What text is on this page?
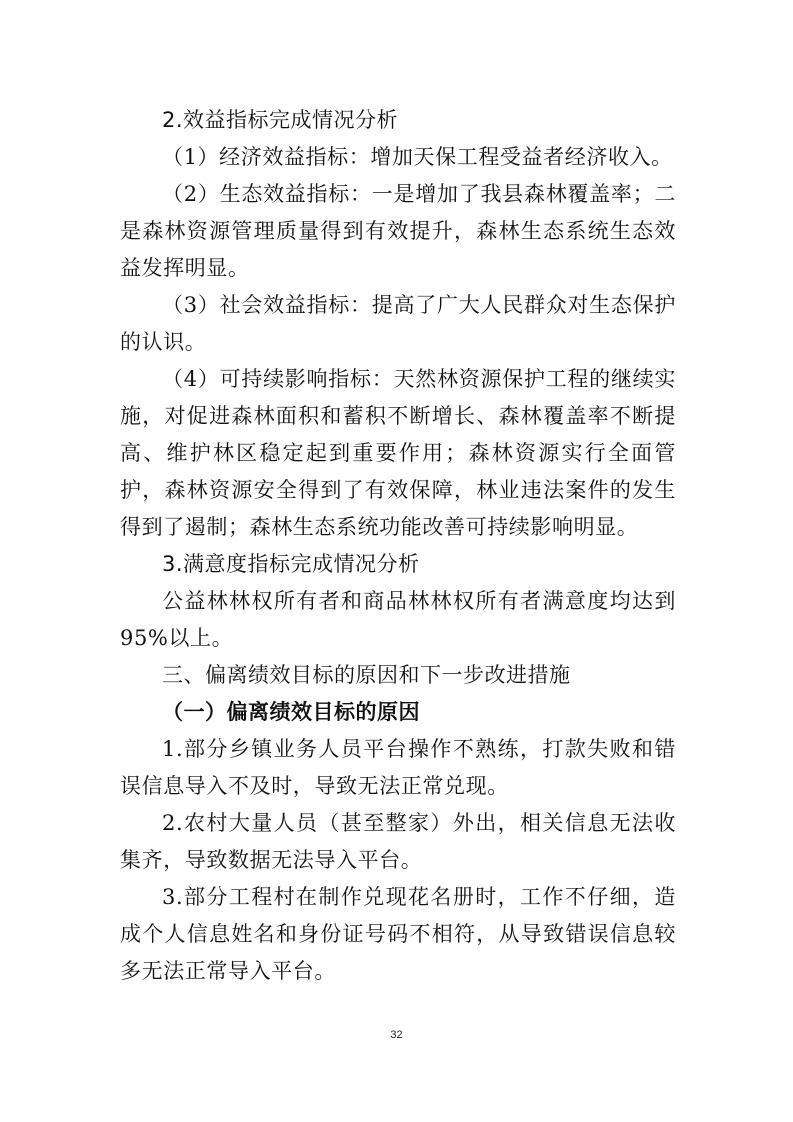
2.效益指标完成情况分析

（1）经济效益指标：增加天保工程受益者经济收入。

（2）生态效益指标：一是增加了我县森林覆盖率；二是森林资源管理质量得到有效提升，森林生态系统生态效益发挥明显。

（3）社会效益指标：提高了广大人民群众对生态保护的认识。

（4）可持续影响指标：天然林资源保护工程的继续实施，对促进森林面积和蓄积不断增长、森林覆盖率不断提高、维护林区稳定起到重要作用；森林资源实行全面管护，森林资源安全得到了有效保障，林业违法案件的发生得到了遏制；森林生态系统功能改善可持续影响明显。

3.满意度指标完成情况分析

公益林林权所有者和商品林林权所有者满意度均达到95%以上。

三、偏离绩效目标的原因和下一步改进措施

（一）偏离绩效目标的原因

1.部分乡镇业务人员平台操作不熟练，打款失败和错误信息导入不及时，导致无法正常兑现。

2.农村大量人员（甚至整家）外出，相关信息无法收集齐，导致数据无法导入平台。

3.部分工程村在制作兑现花名册时，工作不仔细，造成个人信息姓名和身份证号码不相符，从导致错误信息较多无法正常导入平台。

32
